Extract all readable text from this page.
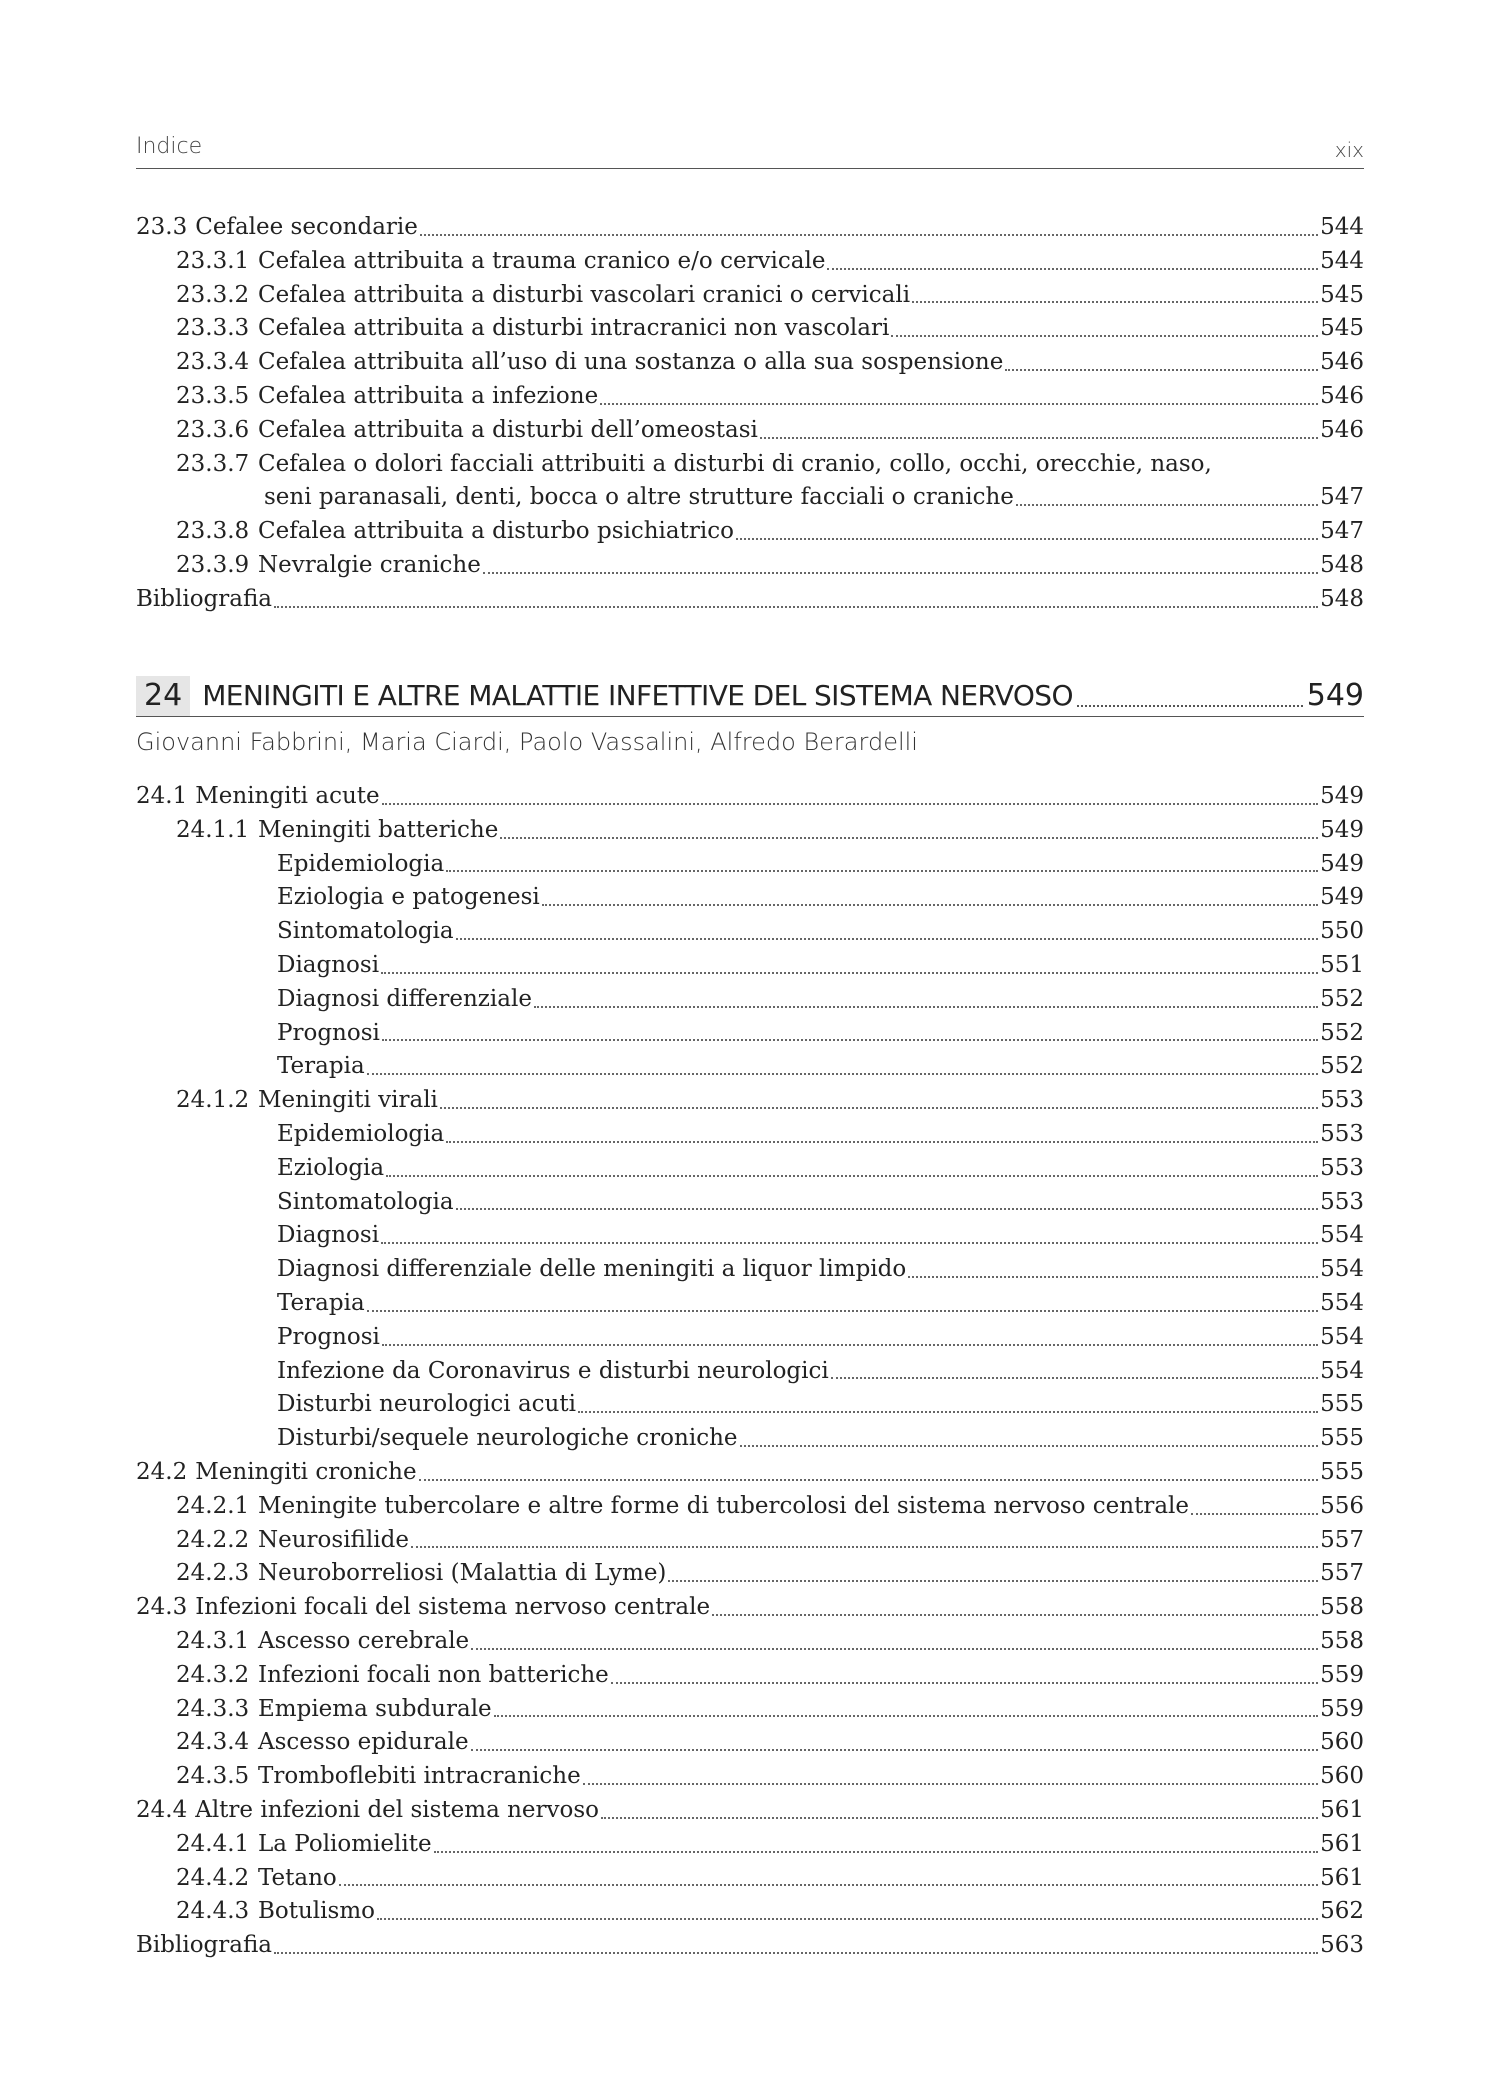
Indice	xix
23.3 Cefalee secondarie	544
23.3.1 Cefalea attribuita a trauma cranico e/o cervicale	544
23.3.2 Cefalea attribuita a disturbi vascolari cranici o cervicali	545
23.3.3 Cefalea attribuita a disturbi intracranici non vascolari	545
23.3.4 Cefalea attribuita all’uso di una sostanza o alla sua sospensione	546
23.3.5 Cefalea attribuita a infezione	546
23.3.6 Cefalea attribuita a disturbi dell’omeostasi	546
23.3.7 Cefalea o dolori facciali attribuiti a disturbi di cranio, collo, occhi, orecchie, naso,
seni paranasali, denti, bocca o altre strutture facciali o craniche	547
23.3.8 Cefalea attribuita a disturbo psichiatrico	547
23.3.9 Nevralgie craniche	548
Bibliografia	548
24 MENINGITI E ALTRE MALATTIE INFETTIVE DEL SISTEMA NERVOSO	549
Giovanni Fabbrini, Maria Ciardi, Paolo Vassalini, Alfredo Berardelli
24.1 Meningiti acute	549
24.1.1 Meningiti batteriche	549
Epidemiologia	549
Eziologia e patogenesi	549
Sintomatologia	550
Diagnosi	551
Diagnosi differenziale	552
Prognosi	552
Terapia	552
24.1.2 Meningiti virali	553
Epidemiologia	553
Eziologia	553
Sintomatologia	553
Diagnosi	554
Diagnosi differenziale delle meningiti a liquor limpido	554
Terapia	554
Prognosi	554
Infezione da Coronavirus e disturbi neurologici	554
Disturbi neurologici acuti	555
Disturbi/sequele neurologiche croniche	555
24.2 Meningiti croniche	555
24.2.1 Meningite tubercolare e altre forme di tubercolosi del sistema nervoso centrale	556
24.2.2 Neurosifilide	557
24.2.3 Neuroborreliosi (Malattia di Lyme)	557
24.3 Infezioni focali del sistema nervoso centrale	558
24.3.1 Ascesso cerebrale	558
24.3.2 Infezioni focali non batteriche	559
24.3.3 Empiema subdurale	559
24.3.4 Ascesso epidurale	560
24.3.5 Tromboflebiti intracraniche	560
24.4 Altre infezioni del sistema nervoso	561
24.4.1 La Poliomielite	561
24.4.2 Tetano	561
24.4.3 Botulismo	562
Bibliografia	563
